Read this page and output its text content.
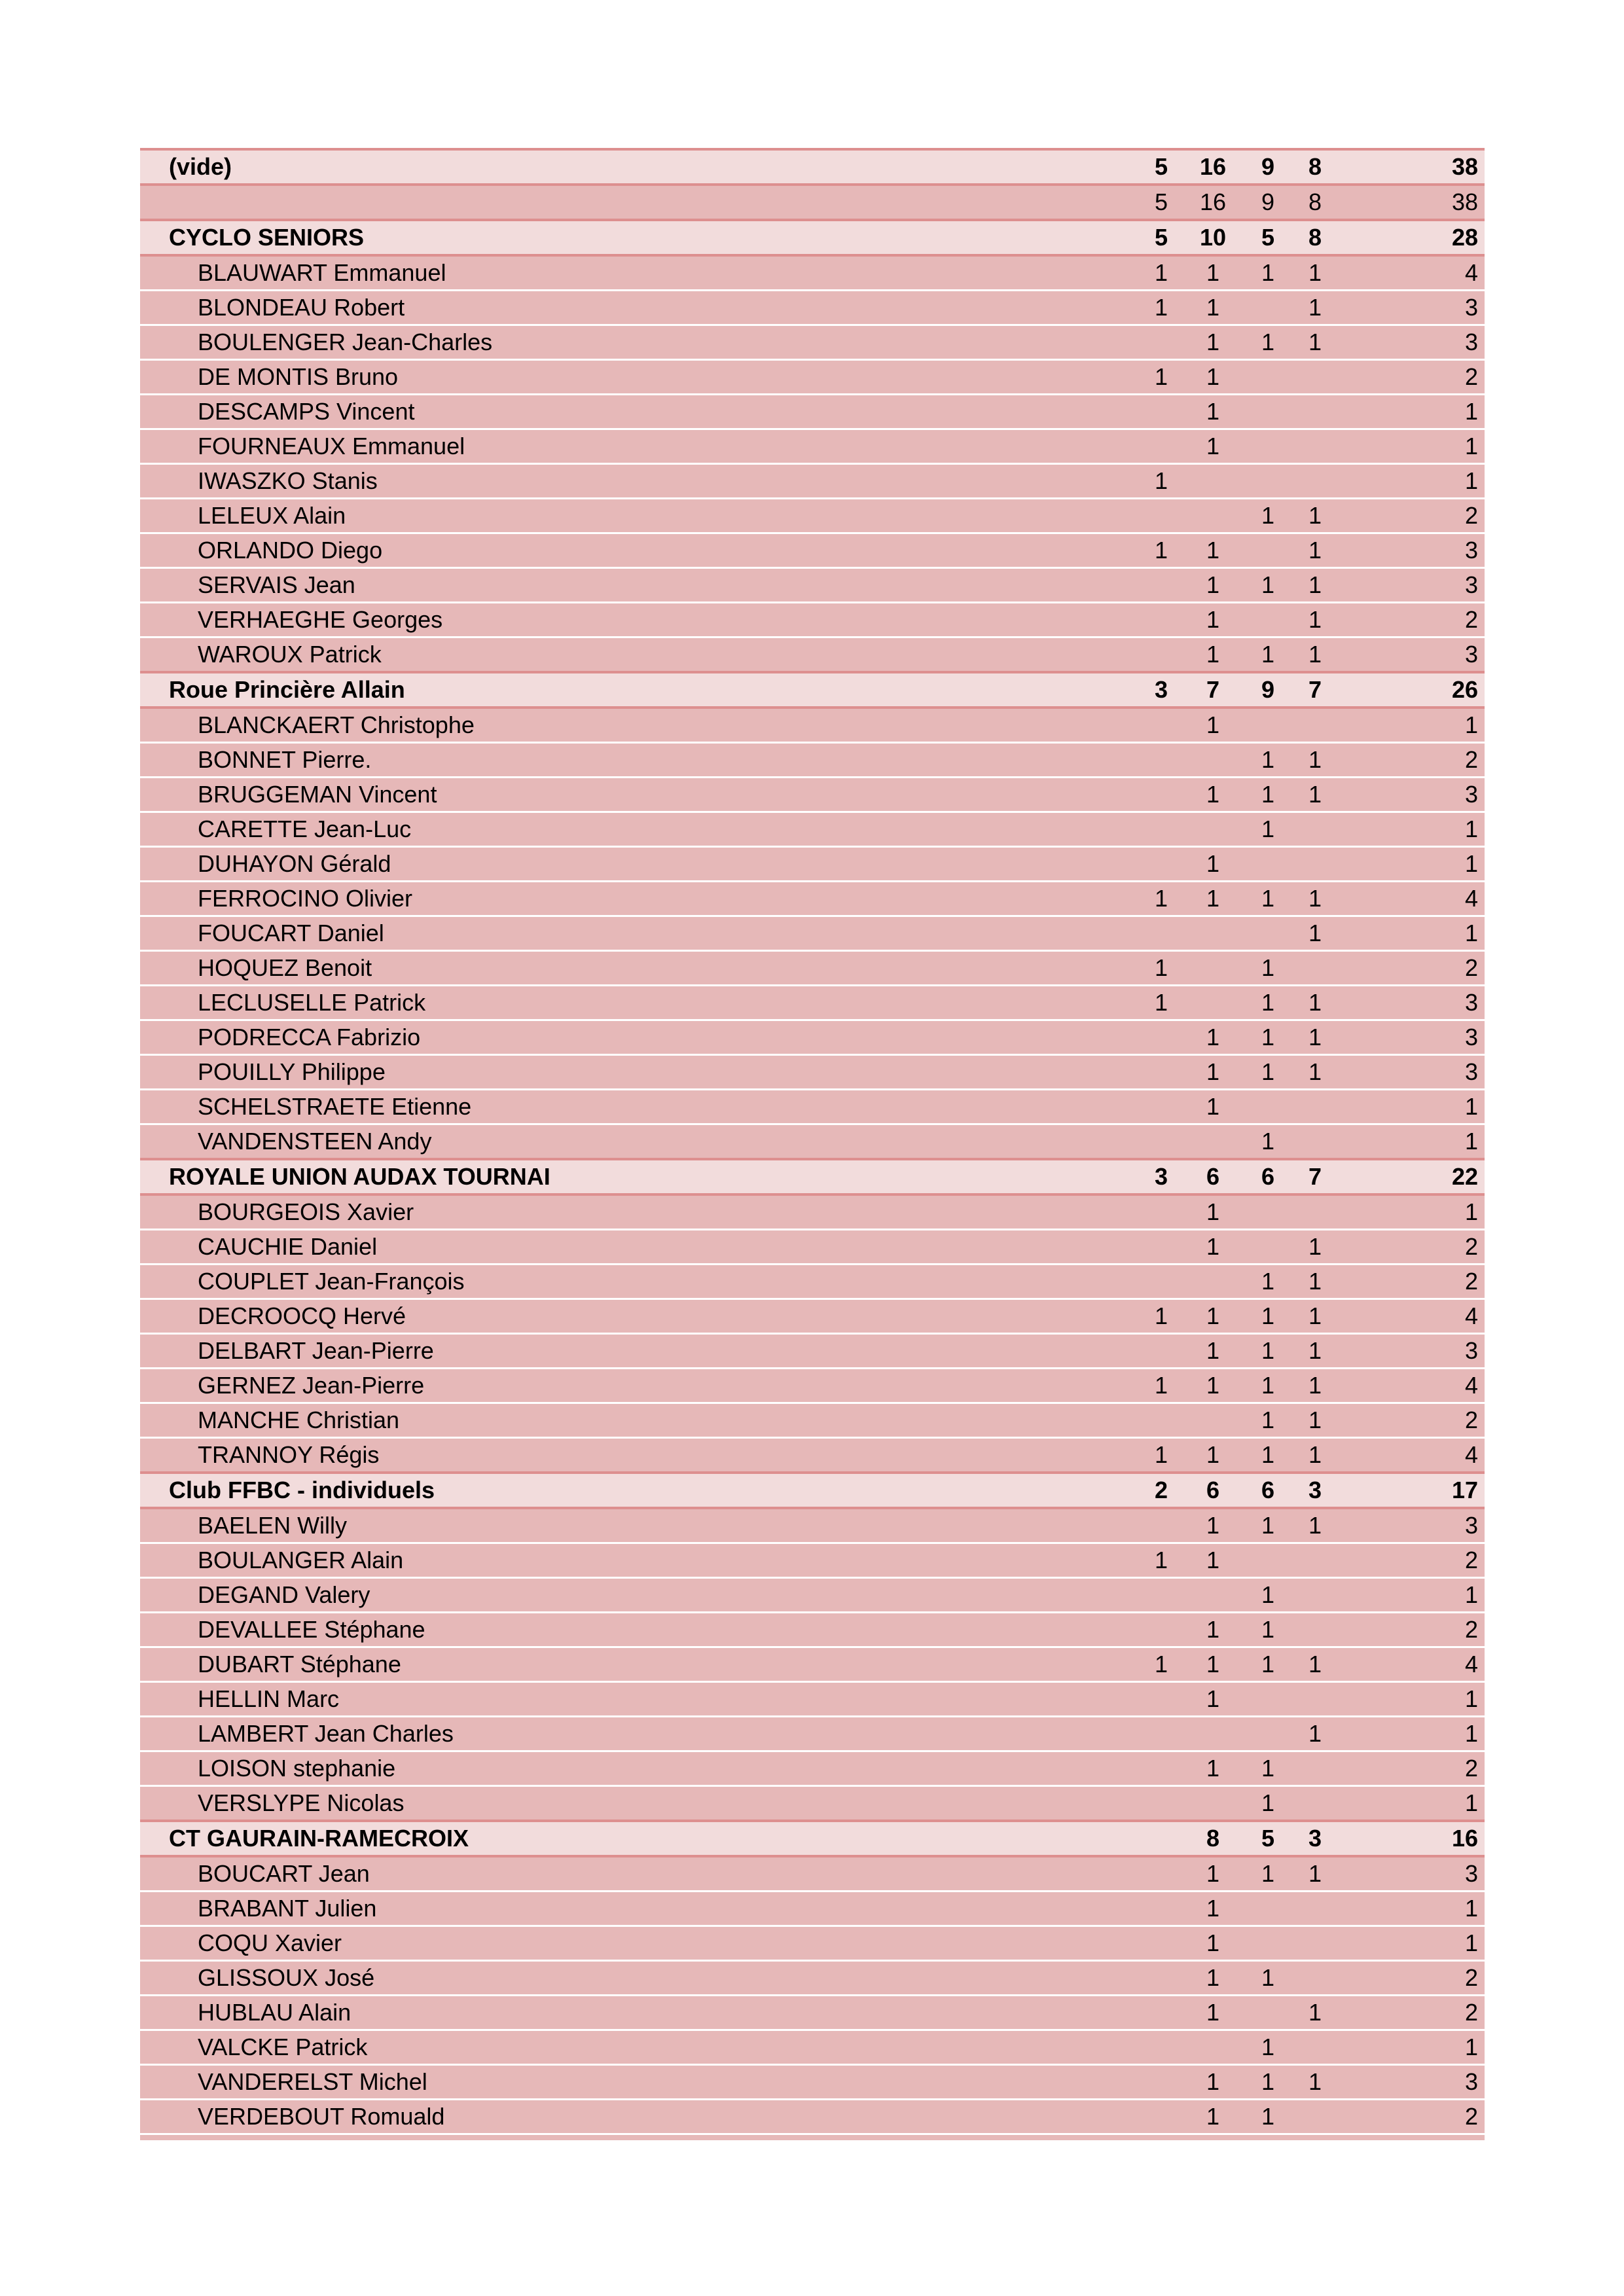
(vide)	5	16	9	8	38
	5	16	9	8	38
CYCLO SENIORS	5	10	5	8	28
BLAUWART Emmanuel	1	1	1	1	4
BLONDEAU Robert	1	1		1	3
BOULENGER Jean-Charles		1	1	1	3
DE MONTIS Bruno	1	1			2
DESCAMPS Vincent		1			1
FOURNEAUX Emmanuel		1			1
IWASZKO Stanis	1				1
LELEUX Alain			1	1	2
ORLANDO Diego	1	1		1	3
SERVAIS Jean		1	1	1	3
VERHAEGHE Georges		1		1	2
WAROUX Patrick		1	1	1	3
Roue Princière Allain	3	7	9	7	26
BLANCKAERT Christophe		1			1
BONNET Pierre.			1	1	2
BRUGGEMAN Vincent		1	1	1	3
CARETTE Jean-Luc			1		1
DUHAYON Gérald		1			1
FERROCINO Olivier	1	1	1	1	4
FOUCART Daniel				1	1
HOQUEZ Benoit	1		1		2
LECLUSELLE Patrick	1		1	1	3
PODRECCA Fabrizio		1	1	1	3
POUILLY Philippe		1	1	1	3
SCHELSTRAETE Etienne		1			1
VANDENSTEEN Andy			1		1
ROYALE UNION AUDAX TOURNAI	3	6	6	7	22
BOURGEOIS Xavier		1			1
CAUCHIE Daniel		1		1	2
COUPLET Jean-François			1	1	2
DECROOCQ Hervé	1	1	1	1	4
DELBART Jean-Pierre		1	1	1	3
GERNEZ Jean-Pierre	1	1	1	1	4
MANCHE Christian			1	1	2
TRANNOY Régis	1	1	1	1	4
Club FFBC - individuels	2	6	6	3	17
BAELEN Willy		1	1	1	3
BOULANGER Alain	1	1			2
DEGAND Valery			1		1
DEVALLEE Stéphane		1	1		2
DUBART Stéphane	1	1	1	1	4
HELLIN Marc		1			1
LAMBERT Jean Charles				1	1
LOISON stephanie		1	1		2
VERSLYPE Nicolas			1		1
CT GAURAIN-RAMECROIX		8	5	3	16
BOUCART Jean		1	1	1	3
BRABANT Julien		1			1
COQU Xavier		1			1
GLISSOUX José		1	1		2
HUBLAU Alain		1		1	2
VALCKE Patrick			1		1
VANDERELST Michel		1	1	1	3
VERDEBOUT Romuald		1	1		2
